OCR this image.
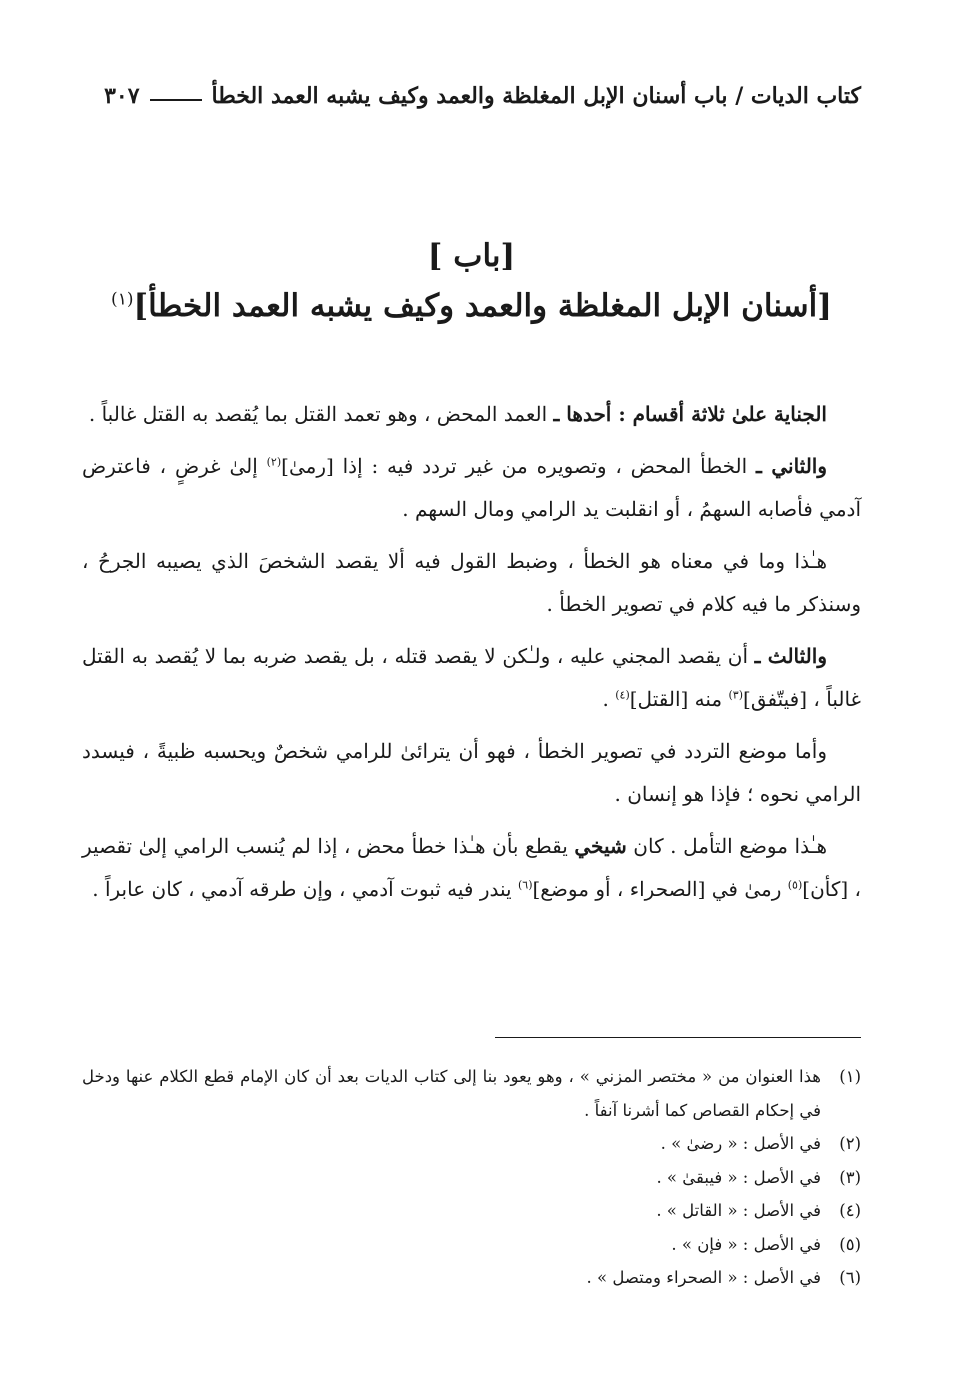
كتاب الديات / باب أسنان الإبل المغلظة والعمد وكيف يشبه العمد الخطأ
٣٠٧
[باب ]
[أسنان الإبل المغلظة والعمد وكيف يشبه العمد الخطأ]$^{(١)}$

الجناية علىٰ ثلاثة أقسام : أحدها ـ العمد المحض ، وهو تعمد القتل بما يُقصد به القتل غالباً .

والثاني ـ الخطأ المحض ، وتصويره من غير تردد فيه : إذا [رمىٰ]$^{(٢)}$ إلىٰ غرضٍ ، فاعترض آدمي فأصابه السهمُ ، أو انقلبت يد الرامي ومال السهم .

هـٰذا وما في معناه هو الخطأ ، وضبط القول فيه ألا يقصد الشخصَ الذي يصيبه الجرحُ ، وسنذكر ما فيه كلام في تصوير الخطأ .

والثالث ـ أن يقصد المجني عليه ، ولـٰكن لا يقصد قتله ، بل يقصد ضربه بما لا يُقصد به القتل غالباً ، [فيتّفق]$^{(٣)}$ منه [القتل]$^{(٤)}$ .

وأما موضع التردد في تصوير الخطأ ، فهو أن يترائىٰ للرامي شخصٌ ويحسبه ظبيةً ، فيسدد الرامي نحوه ؛ فإذا هو إنسان .

هـٰذا موضع التأمل . كان شيخي يقطع بأن هـٰذا خطأ محض ، إذا لم يُنسب الرامي إلىٰ تقصير ، [كأن]$^{(٥)}$ رمىٰ في [الصحراء ، أو موضع]$^{(٦)}$ يندر فيه ثبوت آدمي ، وإن طرقه آدمي ، كان عابراً .

(١)
هذا العنوان من « مختصر المزني » ، وهو يعود بنا إلى كتاب الديات بعد أن كان الإمام قطع الكلام عنها ودخل في إحكام القصاص كما أشرنا آنفاً .
(٢)
في الأصل : « رضىٰ » .
(٣)
في الأصل : « فيبقىٰ » .
(٤)
في الأصل : « القاتل » .
(٥)
في الأصل : « فإن » .
(٦)
في الأصل : « الصحراء ومتصل » .
